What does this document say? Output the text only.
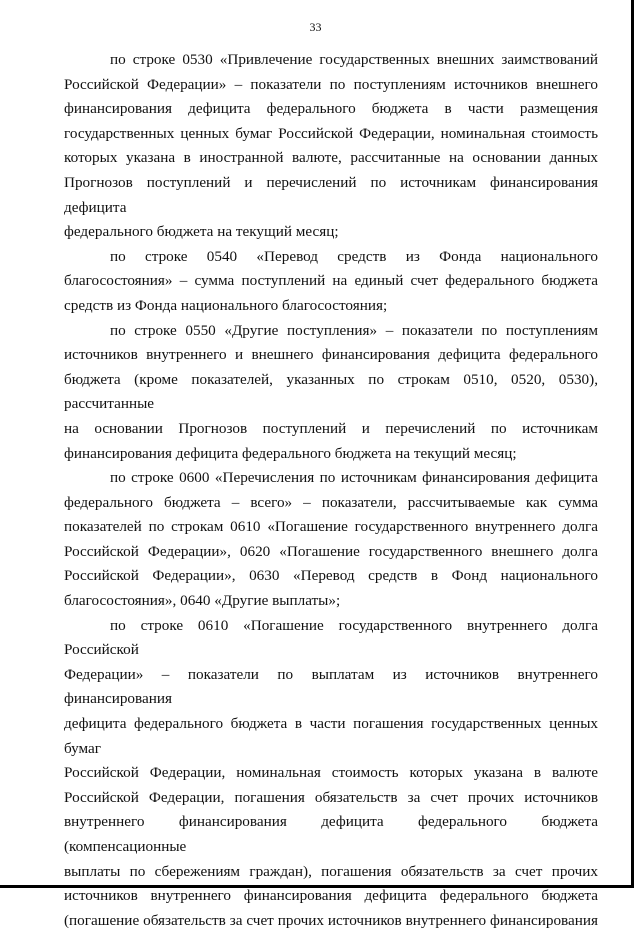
33
по строке 0530 «Привлечение государственных внешних заимствований
Российской Федерации» – показатели по поступлениям источников внешнего
финансирования дефицита федерального бюджета в части размещения
государственных ценных бумаг Российской Федерации, номинальная стоимость
которых указана в иностранной валюте, рассчитанные на основании данных
Прогнозов поступлений и перечислений по источникам финансирования дефицита
федерального бюджета на текущий месяц;
по строке 0540 «Перевод средств из Фонда национального
благосостояния» – сумма поступлений на единый счет федерального бюджета
средств из Фонда национального благосостояния;
по строке 0550 «Другие поступления» – показатели по поступлениям
источников внутреннего и внешнего финансирования дефицита федерального
бюджета (кроме показателей, указанных по строкам 0510, 0520, 0530), рассчитанные
на основании Прогнозов поступлений и перечислений по источникам
финансирования дефицита федерального бюджета на текущий месяц;
по строке 0600 «Перечисления по источникам финансирования дефицита
федерального бюджета – всего» – показатели, рассчитываемые как сумма
показателей по строкам 0610 «Погашение государственного внутреннего долга
Российской Федерации», 0620 «Погашение государственного внешнего долга
Российской Федерации», 0630 «Перевод средств в Фонд национального
благосостояния», 0640 «Другие выплаты»;
по строке 0610 «Погашение государственного внутреннего долга Российской
Федерации» – показатели по выплатам из источников внутреннего финансирования
дефицита федерального бюджета в части погашения государственных ценных бумаг
Российской Федерации, номинальная стоимость которых указана в валюте
Российской Федерации, погашения обязательств за счет прочих источников
внутреннего финансирования дефицита федерального бюджета (компенсационные
выплаты по сбережениям граждан), погашения обязательств за счет прочих
источников внутреннего финансирования дефицита федерального бюджета
(погашение обязательств за счет прочих источников внутреннего финансирования
